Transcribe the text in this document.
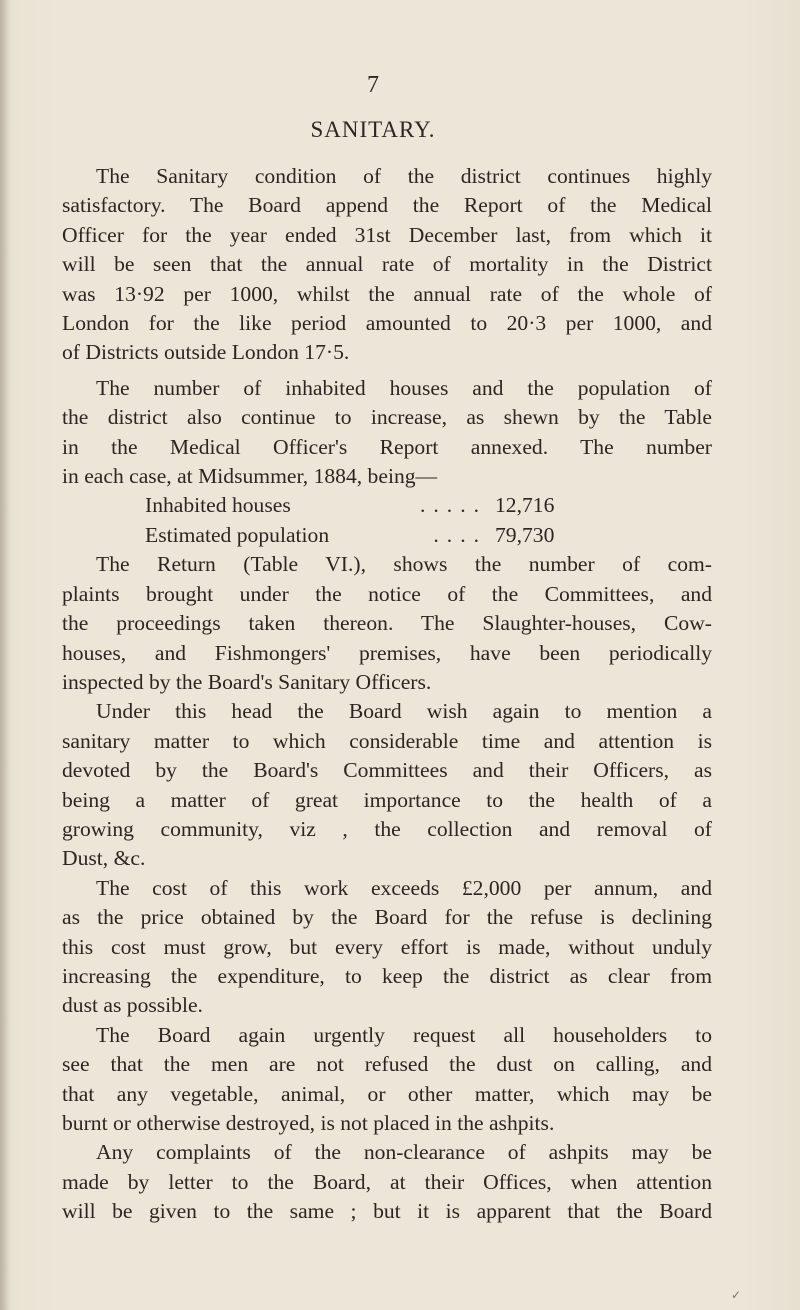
7
SANITARY.

The Sanitary condition of the district continues highly
satisfactory. The Board append the Report of the Medical
Officer for the year ended 31st December last, from which it
will be seen that the annual rate of mortality in the District
was 13·92 per 1000, whilst the annual rate of the whole of
London for the like period amounted to 20·3 per 1000, and
of Districts outside London 17·5.

The number of inhabited houses and the population of
the district also continue to increase, as shewn by the Table
in the Medical Officer's Report annexed. The number
in each case, at Midsummer, 1884, being—

Inhabited houses	..... 12,716
Estimated population	.... 79,730

The Return (Table VI.), shows the number of com-
plaints brought under the notice of the Committees, and
the proceedings taken thereon. The Slaughter-houses, Cow-
houses, and Fishmongers' premises, have been periodically
inspected by the Board's Sanitary Officers.

Under this head the Board wish again to mention a
sanitary matter to which considerable time and attention is
devoted by the Board's Committees and their Officers, as
being a matter of great importance to the health of a
growing community, viz , the collection and removal of
Dust, &c.

The cost of this work exceeds £2,000 per annum, and
as the price obtained by the Board for the refuse is declining
this cost must grow, but every effort is made, without unduly
increasing the expenditure, to keep the district as clear from
dust as possible.

The Board again urgently request all householders to
see that the men are not refused the dust on calling, and
that any vegetable, animal, or other matter, which may be
burnt or otherwise destroyed, is not placed in the ashpits.

Any complaints of the non-clearance of ashpits may be
made by letter to the Board, at their Offices, when attention
will be given to the same ; but it is apparent that the Board

✓
